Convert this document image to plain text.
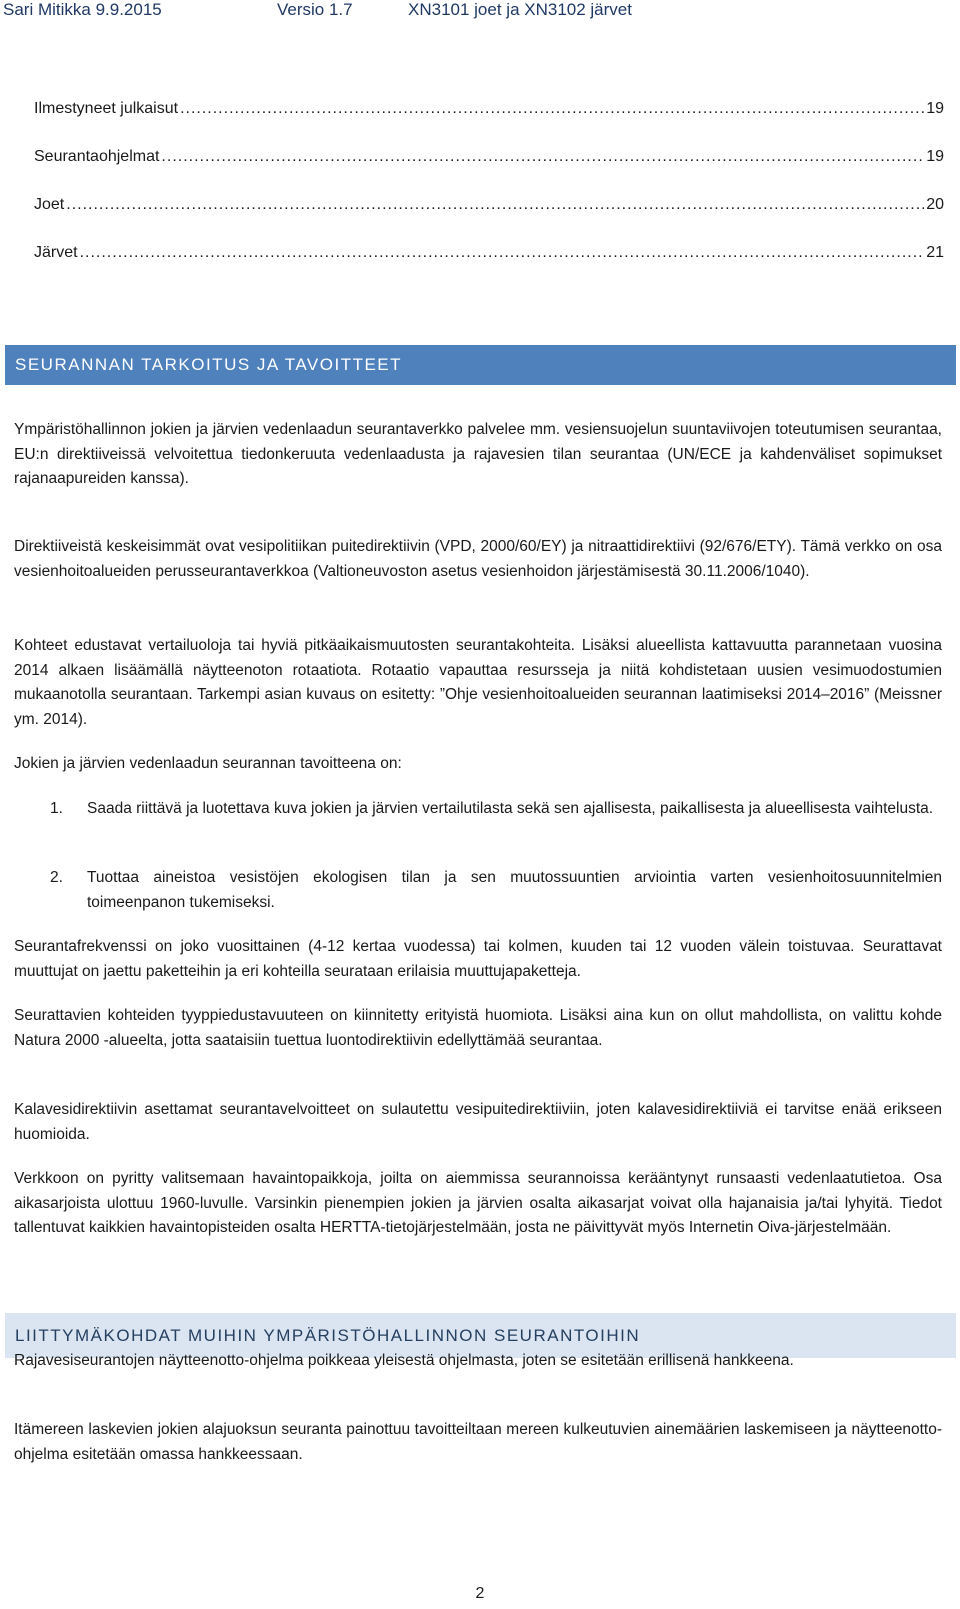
Sari Mitikka 9.9.2015	Versio 1.7	XN3101 joet ja XN3102 järvet
Ilmestyneet julkaisut .....	19
Seurantaohjelmat .....	19
Joet .....	20
Järvet .....	21
SEURANNAN TARKOITUS JA TAVOITTEET

Ympäristöhallinnon jokien ja järvien vedenlaadun seurantaverkko palvelee mm. vesiensuojelun suuntaviivojen toteutumisen seurantaa, EU:n direktiiveissä velvoitettua tiedonkeruuta vedenlaadusta ja rajavesien tilan seurantaa (UN/ECE ja kahdenväliset sopimukset rajanaapureiden kanssa).

Direktiiveistä keskeisimmät ovat vesipolitiikan puitedirektiivin (VPD, 2000/60/EY) ja nitraattidirektiivi (92/676/ETY). Tämä verkko on osa vesienhoitoalueiden perusseurantaverkkoa (Valtioneuvoston asetus vesienhoidon järjestämisestä 30.11.2006/1040).

Kohteet edustavat vertailuoloja tai hyviä pitkäaikaismuutosten seurantakohteita. Lisäksi alueellista kattavuutta parannetaan vuosina 2014 alkaen lisäämällä näytteenoton rotaatiota. Rotaatio vapauttaa resursseja ja niitä kohdistetaan uusien vesimuodostumien mukaanotolla seurantaan. Tarkempi asian kuvaus on esitetty: ”Ohje vesienhoitoalueiden seurannan laatimiseksi 2014–2016” (Meissner ym. 2014).

Jokien ja järvien vedenlaadun seurannan tavoitteena on:

1. Saada riittävä ja luotettava kuva jokien ja järvien vertailutilasta sekä sen ajallisesta, paikallisesta ja alueellisesta vaihtelusta.
2. Tuottaa aineistoa vesistöjen ekologisen tilan ja sen muutossuuntien arviointia varten vesienhoitosuunnitelmien toimeenpanon tukemiseksi.

Seurantafrekvenssi on joko vuosittainen (4-12 kertaa vuodessa) tai kolmen, kuuden tai 12 vuoden välein toistuvaa. Seurattavat muuttujat on jaettu paketteihin ja eri kohteilla seurataan erilaisia muuttujapaketteja.

Seurattavien kohteiden tyyppiedustavuuteen on kiinnitetty erityistä huomiota. Lisäksi aina kun on ollut mahdollista, on valittu kohde Natura 2000 -alueelta, jotta saataisiin tuettua luontodirektiivin edellyttämää seurantaa.

Kalavesidirektiivin asettamat seurantavelvoitteet on sulautettu vesipuitedirektiiviin, joten kalavesidirektiiviä ei tarvitse enää erikseen huomioida.

Verkkoon on pyritty valitsemaan havaintopaikkoja, joilta on aiemmissa seurannoissa kerääntynyt runsaasti vedenlaatutietoa. Osa aikasarjoista ulottuu 1960-luvulle. Varsinkin pienempien jokien ja järvien osalta aikasarjat voivat olla hajanaisia ja/tai lyhyitä. Tiedot tallentuvat kaikkien havaintopisteiden osalta HERTTA-tietojärjestelmään, josta ne päivittyvät myös Internetin Oiva-järjestelmään.

LIITTYMÄKOHDAT MUIHIN YMPÄRISTÖHALLINNON SEURANTOIHIN

Rajavesiseurantojen näytteenotto-ohjelma poikkeaa yleisestä ohjelmasta, joten se esitetään erillisenä hankkeena.

Itämereen laskevien jokien alajuoksun seuranta painottuu tavoitteiltaan mereen kulkeutuvien ainemäärien laskemiseen ja näytteenotto-ohjelma esitetään omassa hankkeessaan.

2
